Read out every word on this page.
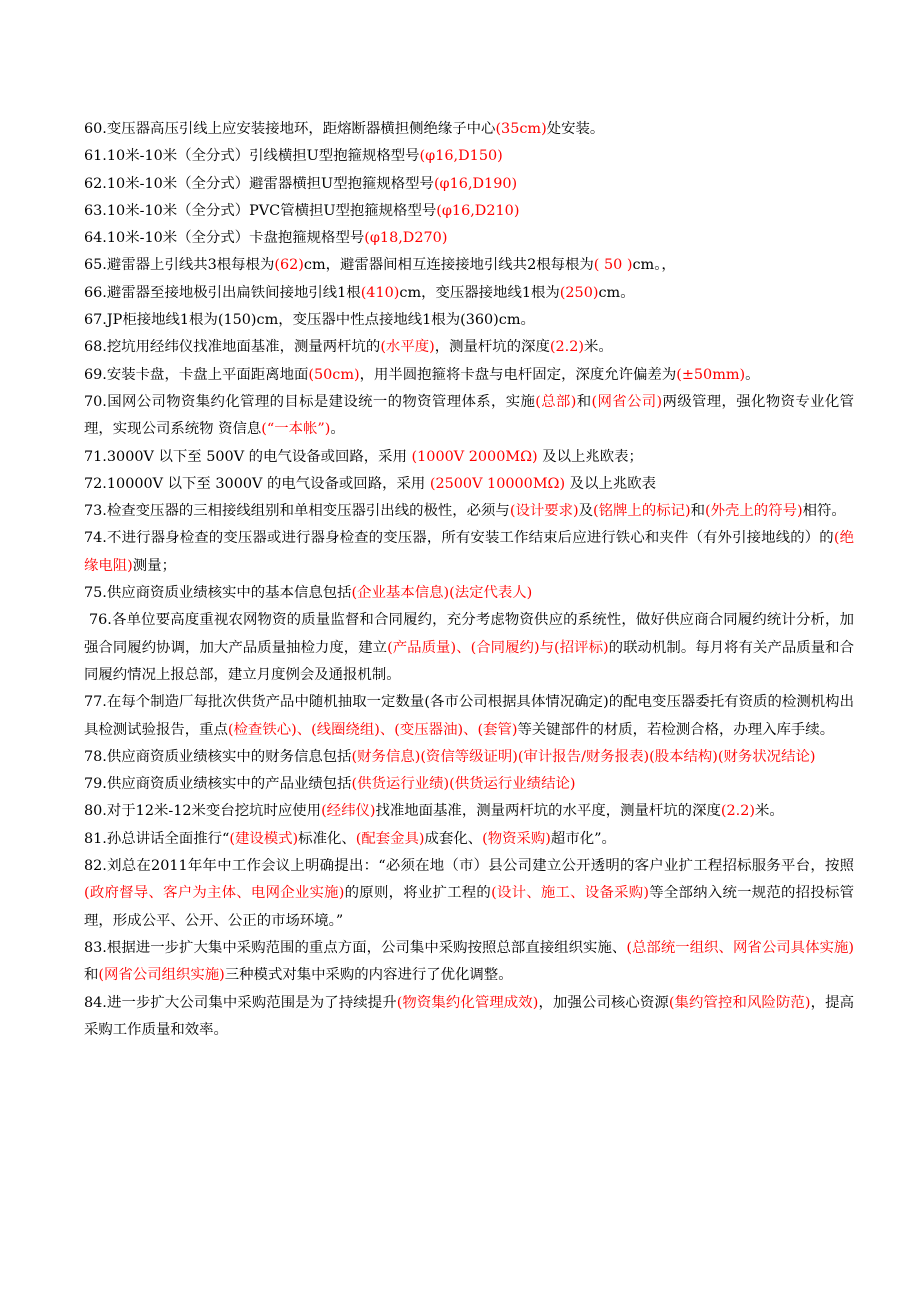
60.变压器高压引线上应安装接地环，距熔断器横担侧绝缘子中心(35cm)处安装。

61.10米-10米（全分式）引线横担U型抱箍规格型号(φ16,D150)

62.10米-10米（全分式）避雷器横担U型抱箍规格型号(φ16,D190)

63.10米-10米（全分式）PVC管横担U型抱箍规格型号(φ16,D210)

64.10米-10米（全分式）卡盘抱箍规格型号(φ18,D270)

65.避雷器上引线共3根每根为(62)cm，避雷器间相互连接接地引线共2根每根为( 50 )cm。，

66.避雷器至接地极引出扁铁间接地引线1根(410)cm，变压器接地线1根为(250)cm。

67.JP柜接地线1根为(150)cm，变压器中性点接地线1根为(360)cm。

68.挖坑用经纬仪找准地面基准，测量两杆坑的(水平度)，测量杆坑的深度(2.2)米。

69.安装卡盘，卡盘上平面距离地面(50cm)，用半圆抱箍将卡盘与电杆固定，深度允许偏差为(±50mm)。

70.国网公司物资集约化管理的目标是建设统一的物资管理体系，实施(总部)和(网省公司)两级管理，强化物资专业化管理，实现公司系统物 资信息(“一本帐”)。

71.3000V 以下至 500V 的电气设备或回路，采用 (1000V 2000MΩ) 及以上兆欧表；

72.10000V 以下至 3000V 的电气设备或回路，采用 (2500V 10000MΩ) 及以上兆欧表

73.检查变压器的三相接线组别和单相变压器引出线的极性，必须与(设计要求)及(铭牌上的标记)和(外壳上的符号)相符。

74.不进行器身检查的变压器或进行器身检查的变压器，所有安装工作结束后应进行铁心和夹件（有外引接地线的）的(绝缘电阻)测量；

75.供应商资质业绩核实中的基本信息包括(企业基本信息)(法定代表人)

76.各单位要高度重视农网物资的质量监督和合同履约，充分考虑物资供应的系统性，做好供应商合同履约统计分析，加强合同履约协调，加大产品质量抽检力度，建立(产品质量)、(合同履约)与(招评标)的联动机制。每月将有关产品质量和合同履约情况上报总部，建立月度例会及通报机制。

77.在每个制造厂每批次供货产品中随机抽取一定数量(各市公司根据具体情况确定)的配电变压器委托有资质的检测机构出具检测试验报告，重点(检查铁心)、(线圈绕组)、(变压器油)、(套管)等关键部件的材质，若检测合格，办理入库手续。

78.供应商资质业绩核实中的财务信息包括(财务信息)(资信等级证明)(审计报告/财务报表)(股本结构)(财务状况结论)

79.供应商资质业绩核实中的产品业绩包括(供货运行业绩)(供货运行业绩结论)

80.对于12米-12米变台挖坑时应使用(经纬仪)找准地面基准，测量两杆坑的水平度，测量杆坑的深度(2.2)米。

81.孙总讲话全面推行“(建设模式)标准化、(配套金具)成套化、(物资采购)超市化”。

82.刘总在2011年年中工作会议上明确提出：“必须在地（市）县公司建立公开透明的客户业扩工程招标服务平台，按照(政府督导、客户为主体、电网企业实施)的原则，将业扩工程的(设计、施工、设备采购)等全部纳入统一规范的招投标管理，形成公平、公开、公正的市场环境。”

83.根据进一步扩大集中采购范围的重点方面，公司集中采购按照总部直接组织实施、(总部统一组织、网省公司具体实施)和(网省公司组织实施)三种模式对集中采购的内容进行了优化调整。

84.进一步扩大公司集中采购范围是为了持续提升(物资集约化管理成效)，加强公司核心资源(集约管控和风险防范)，提高采购工作质量和效率。
